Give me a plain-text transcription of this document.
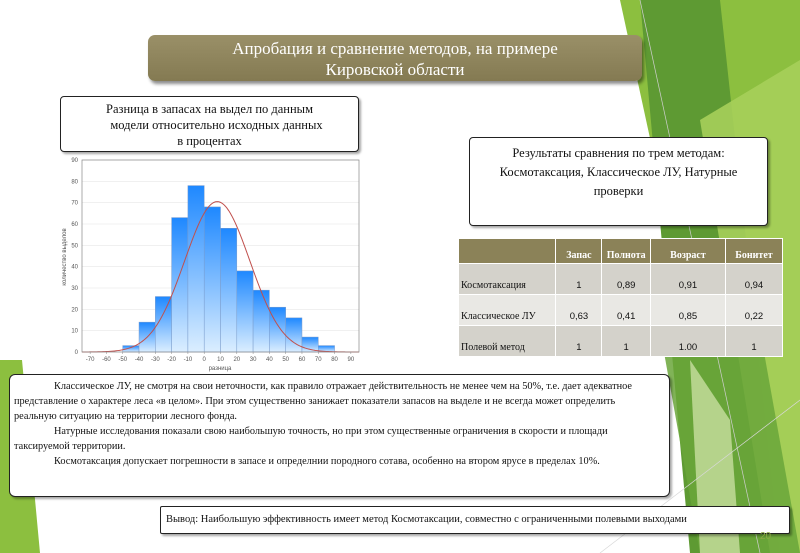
Апробация и сравнение методов, на примере
Кировской области
Разница в запасах на выдел по данным
модели относительно исходных данных
в процентах
0
10
20
30
40
50
60
70
80
90
-70 -60 -50 -40 -30 -20 -10 0 10 20 30 40 50 60 70 80 90
разница
количество выделов
Результаты сравнения по трем методам:
Космотаксация, Классическое ЛУ, Натурные
проверки
	Запас	Полнота	Возраст	Бонитет
Космотаксация	1	0,89	0,91	0,94
Классическое ЛУ	0,63	0,41	0,85	0,22
Полевой метод	1	1	1.00	1

Классическое ЛУ, не смотря на свои неточности, как правило отражает действительность не менее чем на 50%, т.е. дает адекватное представление о характере леса «в целом». При этом существенно занижает показатели запасов на выделе и не всегда может определить реальную ситуацию на территории лесного фонда.

Натурные исследования показали свою наибольшую точность, но при этом существенные ограничения в скорости и площади таксируемой территории.

Космотаксация допускает погрешности в запасе и определнии породного сотава, особенно на втором ярусе в пределах 10%.

Вывод: Наибольшую эффективность имеет метод Космотаксации, совместно с ограниченными полевыми выходами
20
